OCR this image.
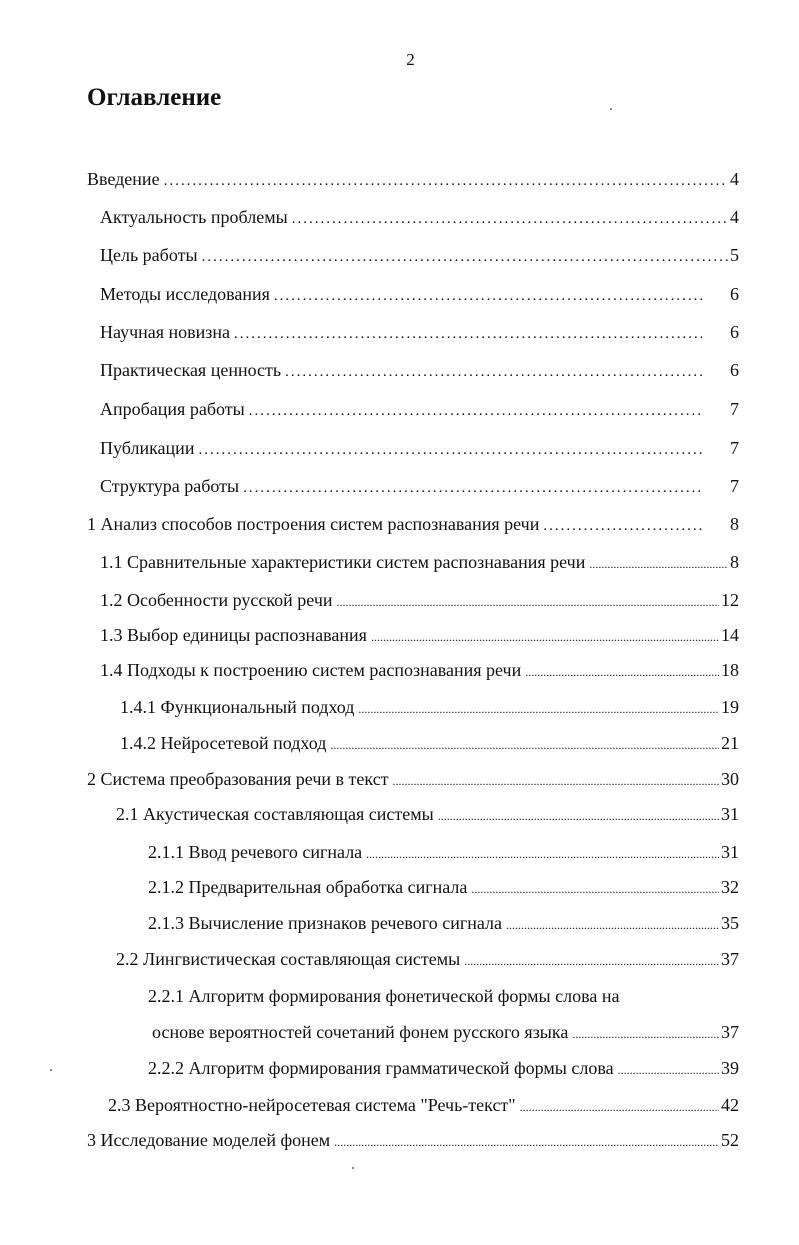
2
Оглавление
Введение .....	4
Актуальность проблемы .....	4
Цель работы .....	5
Методы исследования .....	6
Научная новизна .....	6
Практическая ценность .....	6
Апробация работы .....	7
Публикации .....	7
Структура работы .....	7
1 Анализ способов построения систем распознавания речи .....	8
1.1 Сравнительные характеристики систем распознавания речи .....	8
1.2 Особенности русской речи .....	12
1.3 Выбор единицы распознавания .....	14
1.4 Подходы к построению систем распознавания речи .....	18
1.4.1 Функциональный подход .....	19
1.4.2 Нейросетевой подход .....	21
2 Система преобразования речи в текст .....	30
2.1 Акустическая составляющая системы .....	31
2.1.1 Ввод речевого сигнала .....	31
2.1.2 Предварительная обработка сигнала .....	32
2.1.3 Вычисление признаков речевого сигнала .....	35
2.2 Лингвистическая составляющая системы .....	37
2.2.1 Алгоритм формирования фонетической формы слова на
основе вероятностей сочетаний фонем русского языка .....	37
2.2.2 Алгоритм формирования грамматической формы слова .....	39
2.3 Вероятностно-нейросетевая система "Речь-текст" .....	42
3 Исследование моделей фонем .....	52
